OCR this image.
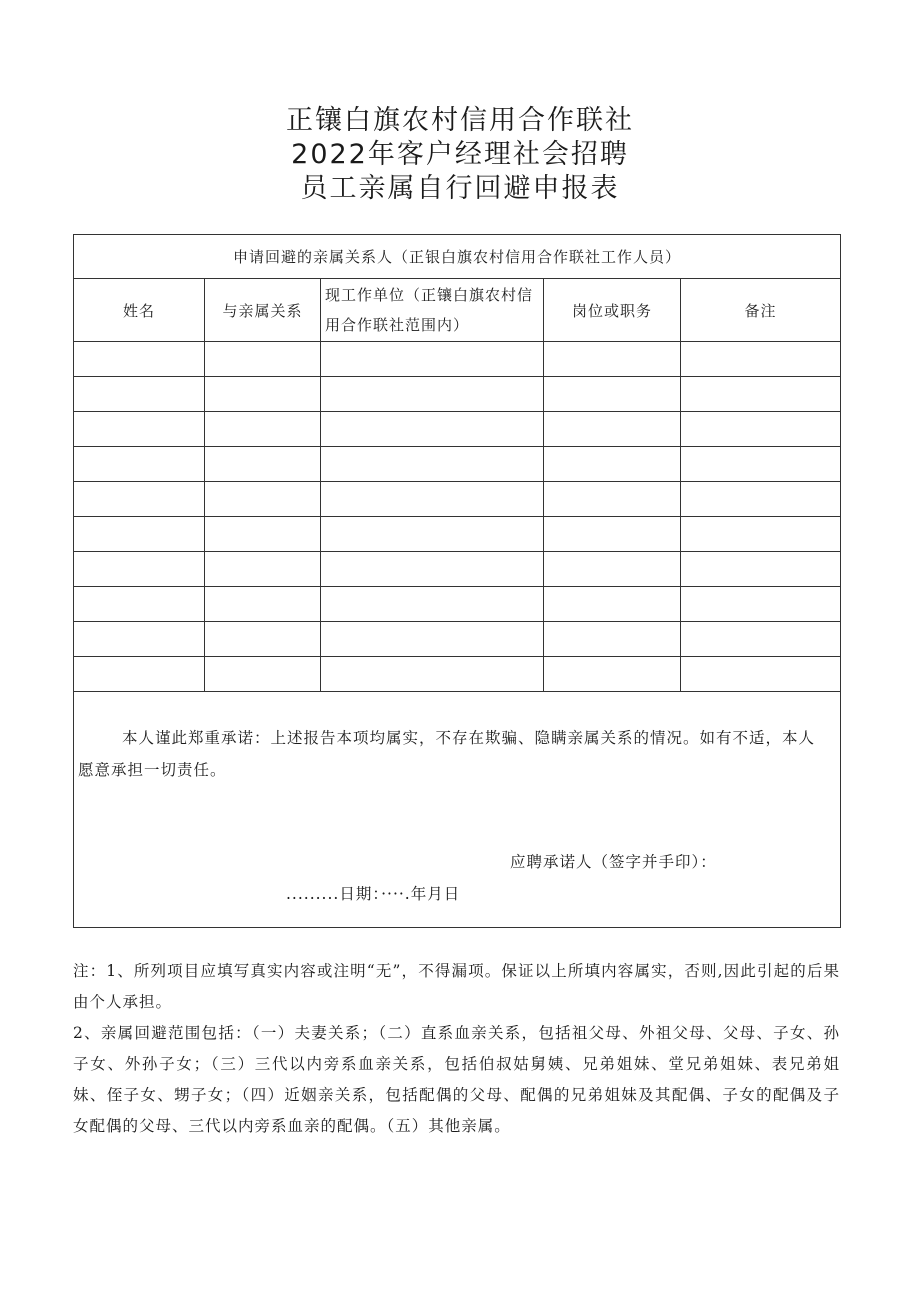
正镶白旗农村信用合作联社
2022年客户经理社会招聘
员工亲属自行回避申报表
申请回避的亲属关系人（正银白旗农村信用合作联社工作人员）				
姓名	与亲属关系	现工作单位（正镶白旗农村信用合作联社范围内）	岗位或职务	备注

本人谨此郑重承诺：上述报告本项均属实，不存在欺骗、隐瞒亲属关系的情况。如有不适，本人愿意承担一切责任。
应聘承诺人（签字并手印）：
.........日期：····.年月日				

注：1、所列项目应填写真实内容或注明“无”，不得漏项。保证以上所填内容属实，否则,因此引起的后果由个人承担。

2、亲属回避范围包括：（一）夫妻关系；（二）直系血亲关系，包括祖父母、外祖父母、父母、子女、孙子女、外孙子女；（三）三代以内旁系血亲关系，包括伯叔姑舅姨、兄弟姐妹、堂兄弟姐妹、表兄弟姐妹、侄子女、甥子女；（四）近姻亲关系，包括配偶的父母、配偶的兄弟姐妹及其配偶、子女的配偶及子女配偶的父母、三代以内旁系血亲的配偶。（五）其他亲属。
